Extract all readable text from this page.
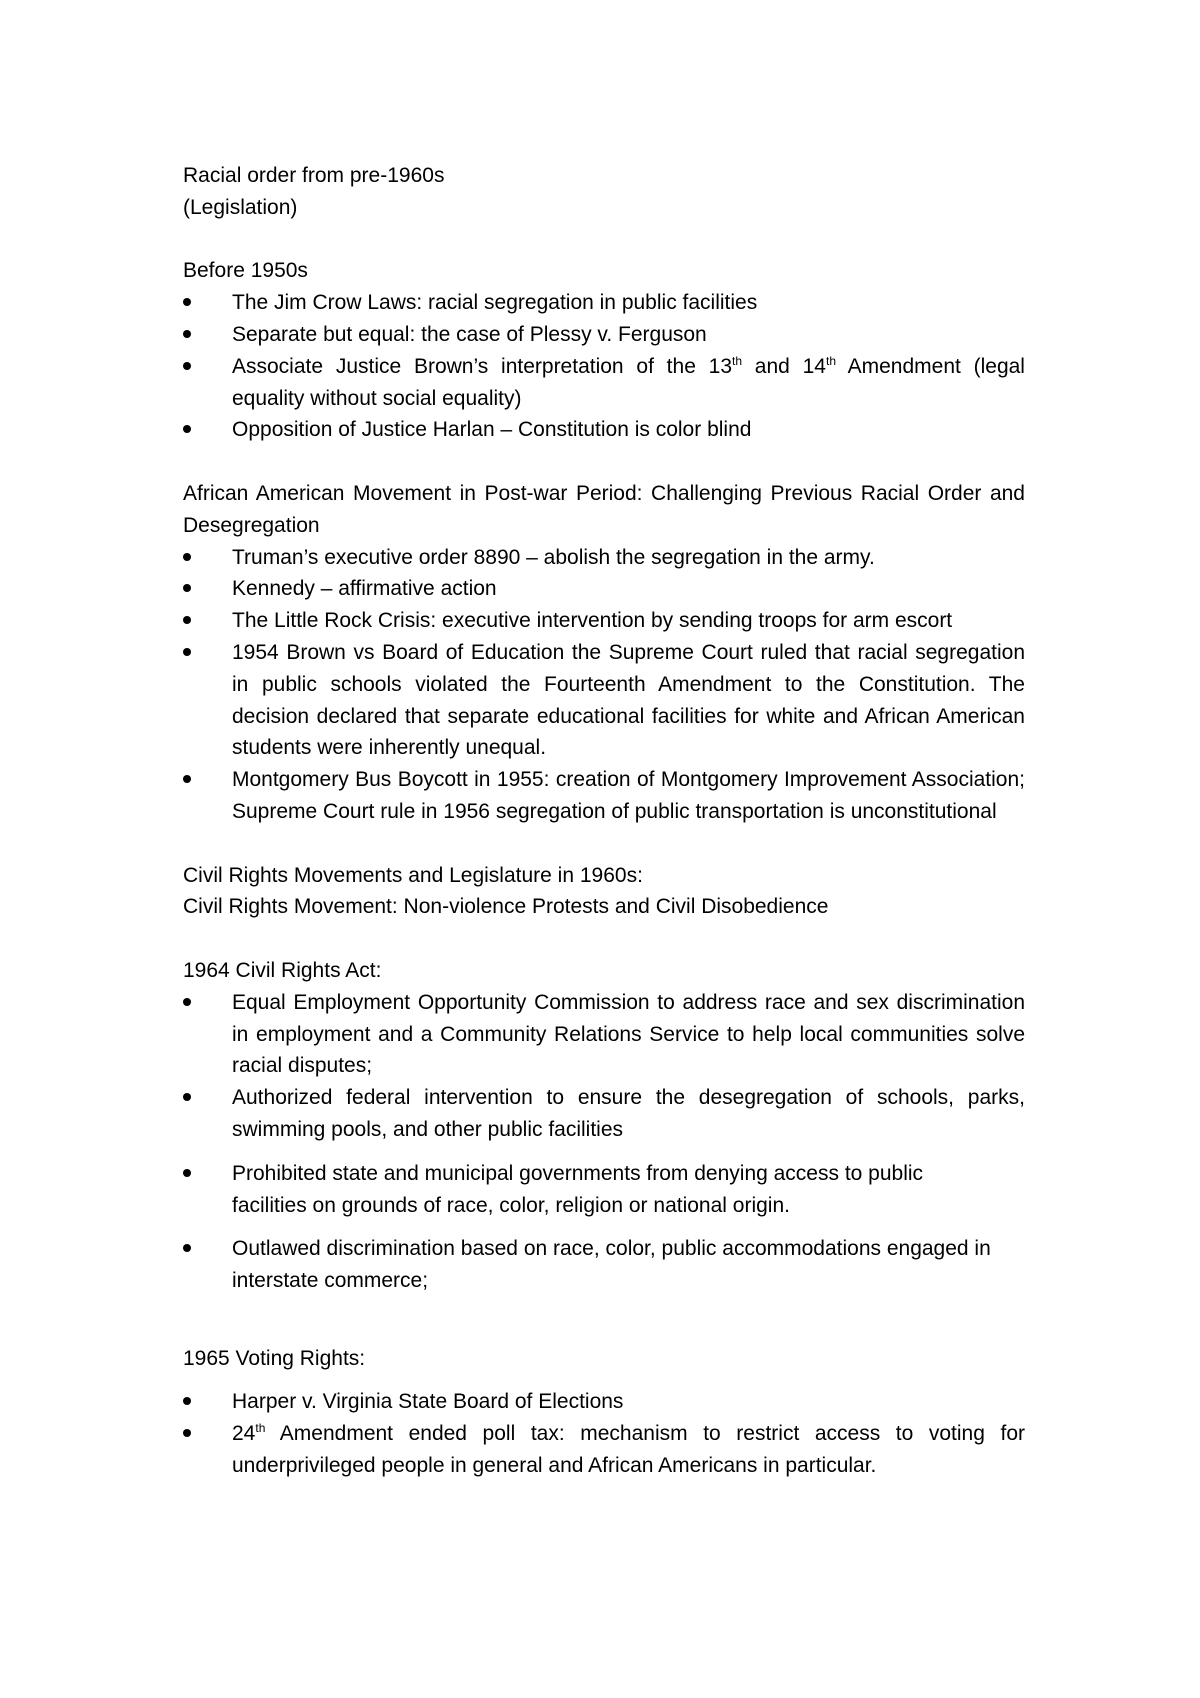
Racial order from pre-1960s

(Legislation)

Before 1950s

The Jim Crow Laws: racial segregation in public facilities
Separate but equal: the case of Plessy v. Ferguson
Associate Justice Brown’s interpretation of the 13th and 14th Amendment (legal equality without social equality)
Opposition of Justice Harlan – Constitution is color blind

African American Movement in Post-war Period: Challenging Previous Racial Order and Desegregation

Truman’s executive order 8890 – abolish the segregation in the army.
Kennedy – affirmative action
The Little Rock Crisis: executive intervention by sending troops for arm escort
1954 Brown vs Board of Education the Supreme Court ruled that racial segregation in public schools violated the Fourteenth Amendment to the Constitution. The decision declared that separate educational facilities for white and African American students were inherently unequal.
Montgomery Bus Boycott in 1955: creation of Montgomery Improvement Association; Supreme Court rule in 1956 segregation of public transportation is unconstitutional

Civil Rights Movements and Legislature in 1960s:

Civil Rights Movement: Non-violence Protests and Civil Disobedience

1964 Civil Rights Act:

Equal Employment Opportunity Commission to address race and sex discrimination in employment and a Community Relations Service to help local communities solve racial disputes;
Authorized federal intervention to ensure the desegregation of schools, parks, swimming pools, and other public facilities
Prohibited state and municipal governments from denying access to public facilities on grounds of race, color, religion or national origin.
Outlawed discrimination based on race, color, public accommodations engaged in interstate commerce;

1965 Voting Rights:

Harper v. Virginia State Board of Elections
24th Amendment ended poll tax: mechanism to restrict access to voting for underprivileged people in general and African Americans in particular.
